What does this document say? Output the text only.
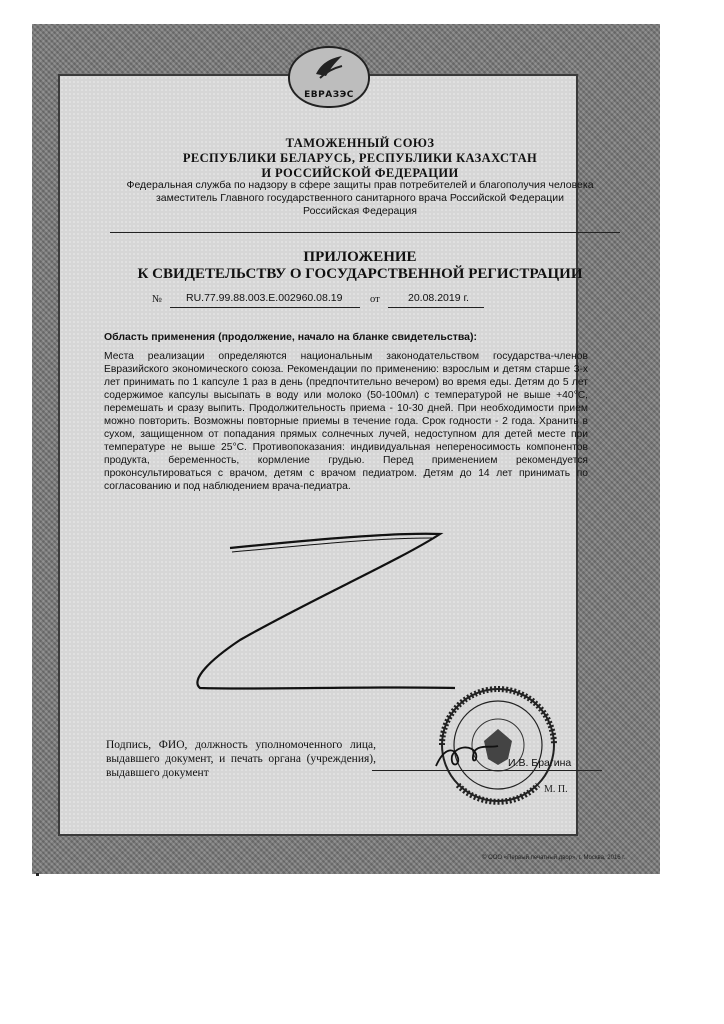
ЕВРАЗЭС
ТАМОЖЕННЫЙ СОЮЗ
РЕСПУБЛИКИ БЕЛАРУСЬ, РЕСПУБЛИКИ КАЗАХСТАН
И РОССИЙСКОЙ ФЕДЕРАЦИИ
Федеральная служба по надзору в сфере защиты прав потребителей и благополучия человека
заместитель Главного государственного санитарного врача Российской Федерации
Российская Федерация
ПРИЛОЖЕНИЕ
К СВИДЕТЕЛЬСТВУ О ГОСУДАРСТВЕННОЙ РЕГИСТРАЦИИ
№ RU.77.99.88.003.E.002960.08.19	от	20.08.2019 г.
Область применения (продолжение, начало на бланке свидетельства):
Места реализации определяются национальным законодательством государства-членов Евразийского экономического союза. Рекомендации по применению: взрослым и детям старше 3-х лет принимать по 1 капсуле 1 раз в день (предпочтительно вечером) во время еды. Детям до 5 лет содержимое капсулы высыпать в воду или молоко (50-100мл) с температурой не выше +40°С, перемешать и сразу выпить. Продолжительность приема - 10-30 дней. При необходимости прием можно повторить. Возможны повторные приемы в течение года. Срок годности - 2 года. Хранить в сухом, защищенном от попадания прямых солнечных лучей, недоступном для детей месте при температуре не выше 25°С. Противопоказания: индивидуальная непереносимость компонентов продукта, беременность, кормление грудью. Перед применением рекомендуется проконсультироваться с врачом, детям с врачом педиатром. Детям до 14 лет принимать по согласованию и под наблюдением врача-педиатра.
Подпись, ФИО, должность уполномоченного лица, выдавшего документ, и печать органа (учреждения), выдавшего документ
И.В. Брагина
М. П.
© ООО «Первый печатный двор», г. Москва, 2016 г.
